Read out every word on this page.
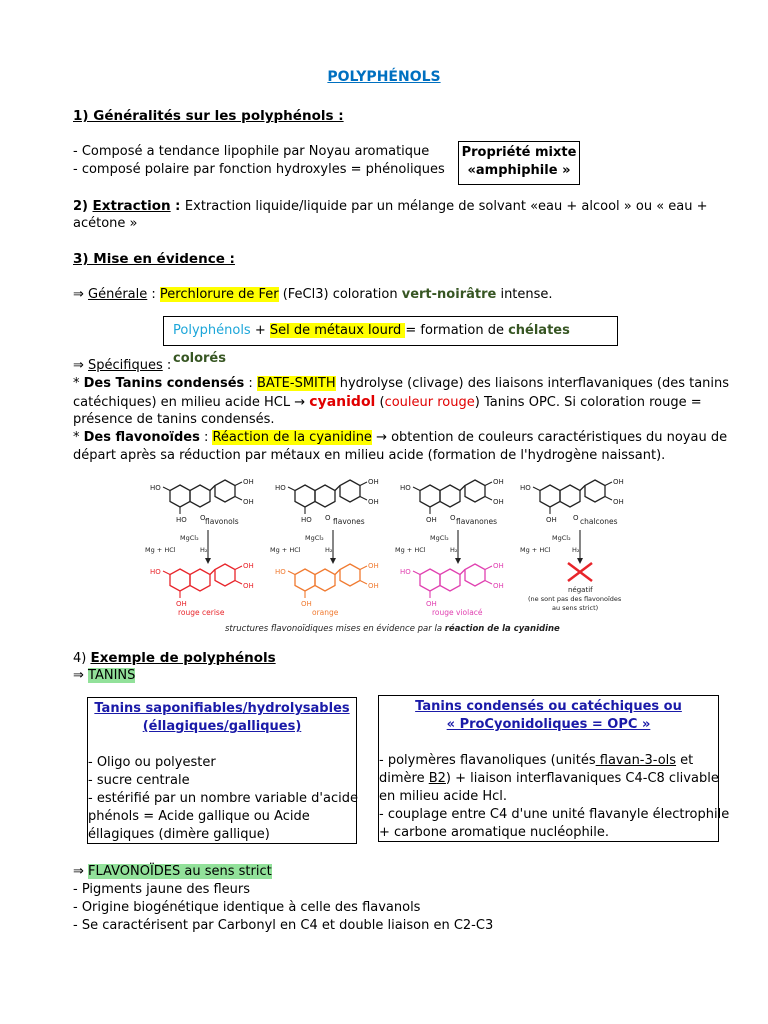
POLYPHÉNOLS
1) Généralités sur les polyphénols :
- Composé a tendance lipophile par Noyau aromatique
- composé polaire par fonction hydroxyles = phénoliques
Propriété mixte
«amphiphile »
2) Extraction : Extraction liquide/liquide par un mélange de solvant «eau + alcool » ou « eau +
acétone »
3) Mise en évidence :
⇒ Générale : Perchlorure de Fer (FeCl3) coloration vert-noirâtre intense.
Polyphénols + Sel de métaux lourd = formation de chélates colorés
⇒ Spécifiques :
* Des Tanins condensés : BATE-SMITH hydrolyse (clivage) des liaisons interflavaniques (des tanins
catéchiques) en milieu acide HCL → cyanidol (couleur rouge) Tanins OPC. Si coloration rouge =
présence de tanins condensés.
* Des flavonoïdes : Réaction de la cyanidine → obtention de couleurs caractéristiques du noyau de
départ après sa réduction par métaux en milieu acide (formation de l'hydrogène naissant).
HO
HO O
OH
OH
HO
HO O
OH
OH
HO
OH O
OH
OH
HO
OH O
OH
OH
flavonols	flavones	flavanones	chalcones
MgCl₂	MgCl₂	MgCl₂	MgCl₂
Mg + HCl	Mg + HCl	Mg + HCl	Mg + HCl
H₂	H₂	H₂	H₂
HO
OH
OH
OH
HO
OH
OH
OH
HO
OH
OH
OH	négatif
(ne sont pas des flavonoïdes
au sens strict)
rouge cerise	orange	rouge violacé
structures flavonoïdiques mises en évidence par la réaction de la cyanidine
4) Exemple de polyphénols
⇒ TANINS
Tanins saponifiables/hydrolysables
(éllagiques/galliques)
- Oligo ou polyester
- sucre centrale
- estérifié par un nombre variable d'acide
phénols = Acide gallique ou Acide
éllagiques (dimère gallique)
Tanins condensés ou catéchiques ou
« ProCyonidoliques = OPC »
- polymères flavanoliques (unités flavan-3-ols et
dimère B2) + liaison interflavaniques C4-C8 clivable
en milieu acide Hcl.
- couplage entre C4 d'une unité flavanyle électrophile
+ carbone aromatique nucléophile.
⇒ FLAVONOÏDES au sens strict
- Pigments jaune des fleurs
- Origine biogénétique identique à celle des flavanols
- Se caractérisent par Carbonyl en C4 et double liaison en C2-C3
